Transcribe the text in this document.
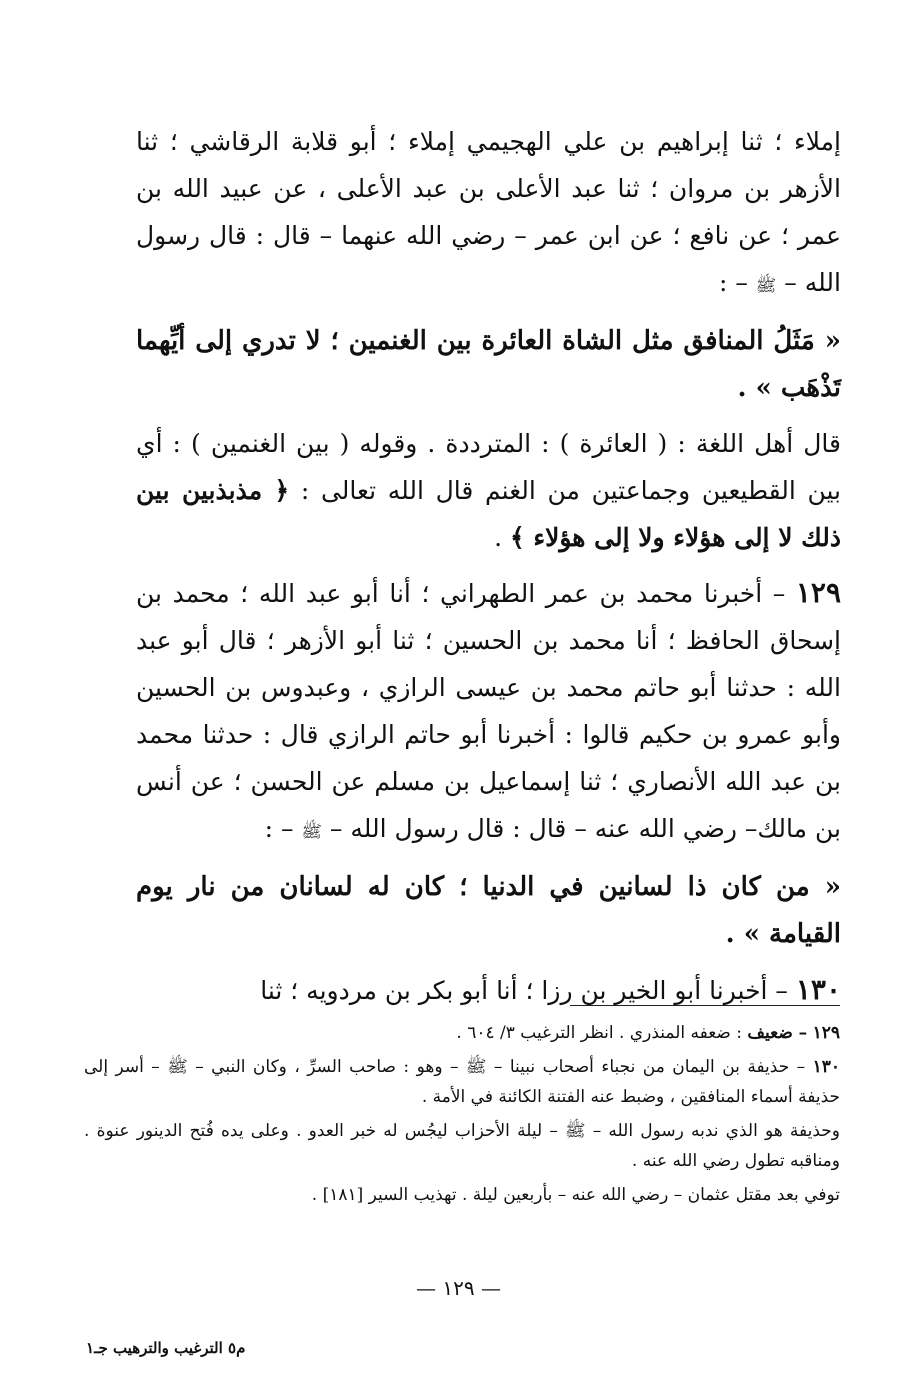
إملاء ؛ ثنا إبراهيم بن علي الهجيمي إملاء ؛ أبو قلابة الرقاشي ؛ ثنا الأزهر بن مروان ؛ ثنا عبد الأعلى بن عبد الأعلى ، عن عبيد الله بن عمر ؛ عن نافع ؛ عن ابن عمر – رضي الله عنهما – قال : قال رسول الله – ﷺ – :

« مَثَلُ المنافق مثل الشاة العائرة بين الغنمين ؛ لا تدري إلى أيِّهما تَذْهَب » .

قال أهل اللغة : ( العائرة ) : المترددة . وقوله ( بين الغنمين ) : أي بين القطيعين وجماعتين من الغنم قال الله تعالى : ﴿ مذبذبين بين ذلك لا إلى هؤلاء ولا إلى هؤلاء ﴾ .

١٢٩ – أخبرنا محمد بن عمر الطهراني ؛ أنا أبو عبد الله ؛ محمد بن إسحاق الحافظ ؛ أنا محمد بن الحسين ؛ ثنا أبو الأزهر ؛ قال أبو عبد الله : حدثنا أبو حاتم محمد بن عيسى الرازي ، وعبدوس بن الحسين وأبو عمرو بن حكيم قالوا : أخبرنا أبو حاتم الرازي قال : حدثنا محمد بن عبد الله الأنصاري ؛ ثنا إسماعيل بن مسلم عن الحسن ؛ عن أنس بن مالك– رضي الله عنه – قال : قال رسول الله – ﷺ – :

« من كان ذا لسانين في الدنيا ؛ كان له لسانان من نار يوم القيامة » .

١٣٠ – أخبرنا أبو الخير بن رزا ؛ أنا أبو بكر بن مردويه ؛ ثنا

١٢٩ – ضعيف : ضعفه المنذري . انظر الترغيب ٣/ ٦٠٤ .

١٣٠ – حذيفة بن اليمان من نجباء أصحاب نبينا – ﷺ – وهو : صاحب السرِّ ، وكان النبي – ﷺ – أسر إلى حذيفة أسماء المنافقين ، وضبط عنه الفتنة الكائنة في الأمة .

وحذيفة هو الذي ندبه رسول الله – ﷺ – ليلة الأحزاب ليجُس له خبر العدو . وعلى يده فُتح الدينور عنوة . ومناقبه تطول رضي الله عنه .

توفي بعد مقتل عثمان – رضي الله عنه – بأربعين ليلة . تهذيب السير [١٨١] .

— ١٢٩ —
م٥ الترغيب والترهيب جـ١
